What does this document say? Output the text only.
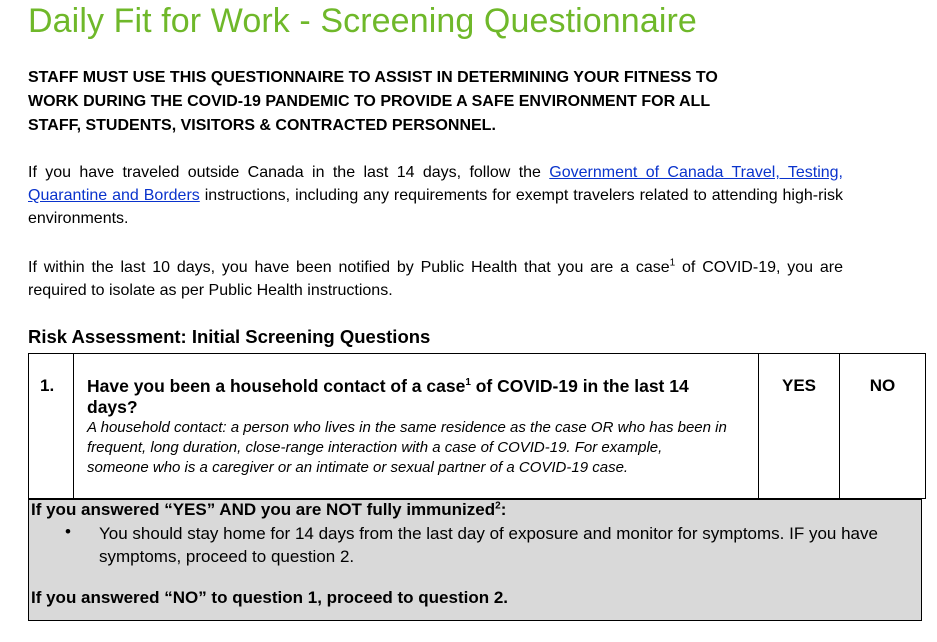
Daily Fit for Work - Screening Questionnaire
STAFF MUST USE THIS QUESTIONNAIRE TO ASSIST IN DETERMINING YOUR FITNESS TO
WORK DURING THE COVID-19 PANDEMIC TO PROVIDE A SAFE ENVIRONMENT FOR ALL
STAFF, STUDENTS, VISITORS & CONTRACTED PERSONNEL.
If you have traveled outside Canada in the last 14 days, follow the Government of Canada Travel, Testing, Quarantine and Borders instructions, including any requirements for exempt travelers related to attending high-risk environments.
If within the last 10 days, you have been notified by Public Health that you are a case$^1$ of COVID-19, you are required to isolate as per Public Health instructions.
Risk Assessment: Initial Screening Questions
1.	Have you been a household contact of a case$^1$ of COVID-19 in the last 14 days?
A household contact: a person who lives in the same residence as the case OR who has been in frequent, long duration, close-range interaction with a case of COVID-19. For example, someone who is a caregiver or an intimate or sexual partner of a COVID-19 case.
YES	NO
If you answered “YES” AND you are NOT fully immunized$^2$:
• You should stay home for 14 days from the last day of exposure and monitor for symptoms. IF you have symptoms, proceed to question 2.
If you answered “NO” to question 1, proceed to question 2.
